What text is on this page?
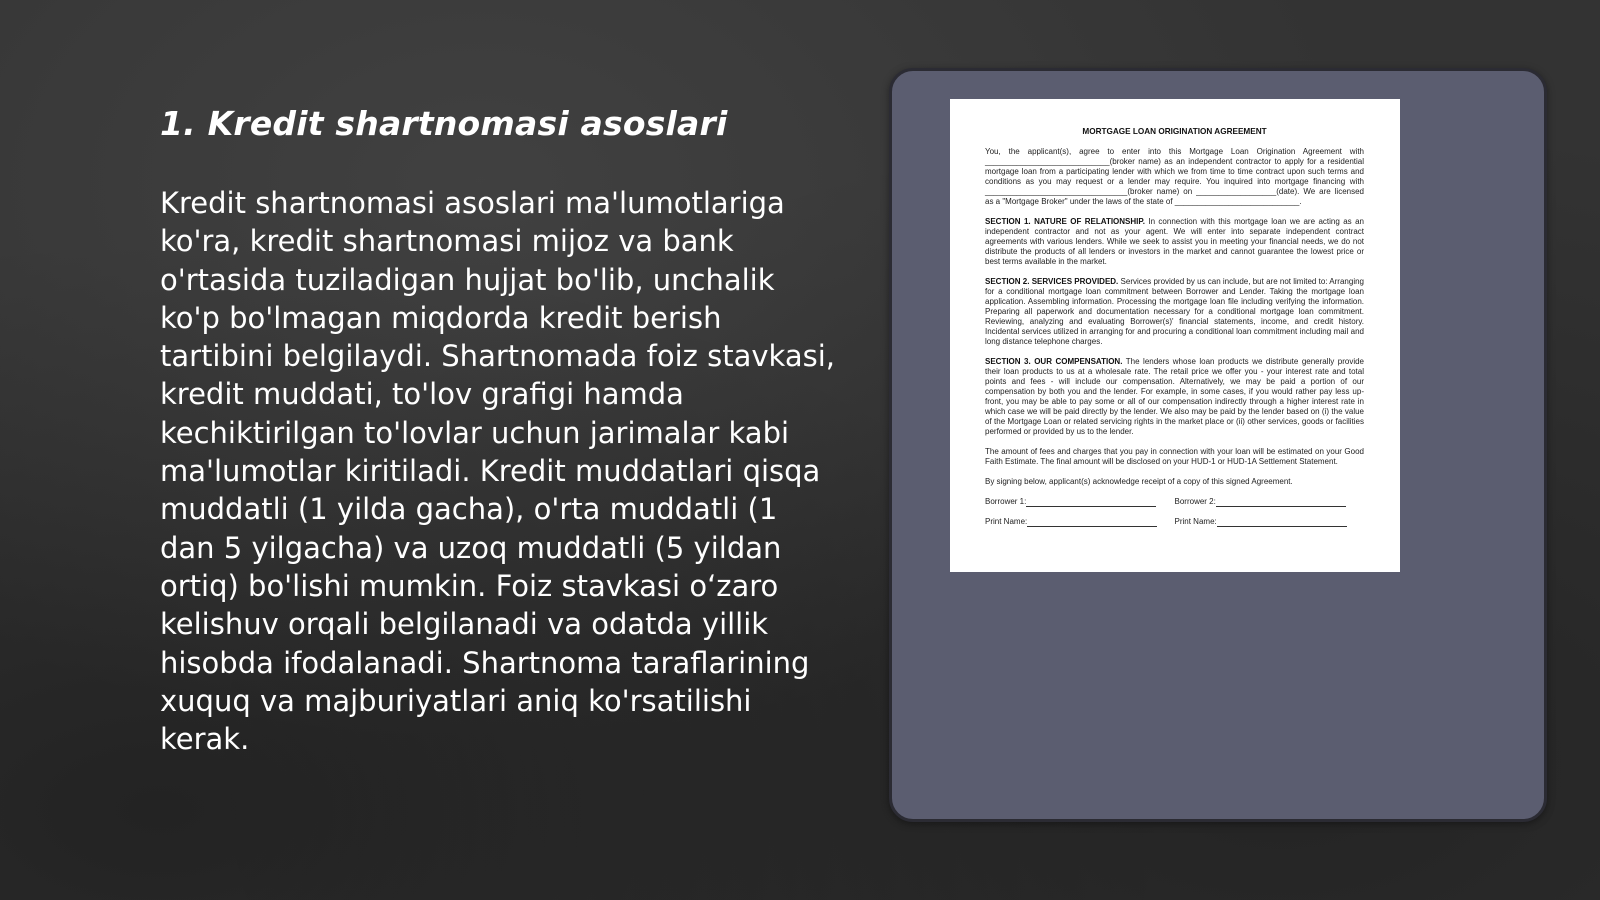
1. Kredit shartnomasi asoslari

Kredit shartnomasi asoslari ma'lumotlariga ko'ra, kredit shartnomasi mijoz va bank o'rtasida tuziladigan hujjat bo'lib, unchalik ko'p bo'lmagan miqdorda kredit berish tartibini belgilaydi. Shartnomada foiz stavkasi, kredit muddati, to'lov grafigi hamda kechiktirilgan to'lovlar uchun jarimalar kabi ma'lumotlar kiritiladi. Kredit muddatlari qisqa muddatli (1 yilda gacha), o'rta muddatli (1 dan 5 yilgacha) va uzoq muddatli (5 yildan ortiq) bo'lishi mumkin. Foiz stavkasi o‘zaro kelishuv orqali belgilanadi va odatda yillik hisobda ifodalanadi. Shartnoma taraflarining xuquq va majburiyatlari aniq ko'rsatilishi kerak.

MORTGAGE LOAN ORIGINATION AGREEMENT

You, the applicant(s), agree to enter into this Mortgage Loan Origination Agreement with ____________________________(broker name) as an independent contractor to apply for a residential mortgage loan from a participating lender with which we from time to time contract upon such terms and conditions as you may request or a lender may require. You inquired into mortgage financing with ________________________________(broker name) on __________________(date). We are licensed as a "Mortgage Broker" under the laws of the state of ____________________________.

SECTION 1. NATURE OF RELATIONSHIP. In connection with this mortgage loan we are acting as an independent contractor and not as your agent. We will enter into separate independent contract agreements with various lenders. While we seek to assist you in meeting your financial needs, we do not distribute the products of all lenders or investors in the market and cannot guarantee the lowest price or best terms available in the market.

SECTION 2. SERVICES PROVIDED. Services provided by us can include, but are not limited to: Arranging for a conditional mortgage loan commitment between Borrower and Lender. Taking the mortgage loan application. Assembling information. Processing the mortgage loan file including verifying the information. Preparing all paperwork and documentation necessary for a conditional mortgage loan commitment. Reviewing, analyzing and evaluating Borrower(s)' financial statements, income, and credit history. Incidental services utilized in arranging for and procuring a conditional loan commitment including mail and long distance telephone charges.

SECTION 3. OUR COMPENSATION. The lenders whose loan products we distribute generally provide their loan products to us at a wholesale rate. The retail price we offer you - your interest rate and total points and fees - will include our compensation. Alternatively, we may be paid a portion of our compensation by both you and the lender. For example, in some cases, if you would rather pay less up-front, you may be able to pay some or all of our compensation indirectly through a higher interest rate in which case we will be paid directly by the lender. We also may be paid by the lender based on (i) the value of the Mortgage Loan or related servicing rights in the market place or (ii) other services, goods or facilities performed or provided by us to the lender.

The amount of fees and charges that you pay in connection with your loan will be estimated on your Good Faith Estimate. The final amount will be disclosed on your HUD-1 or HUD-1A Settlement Statement.

By signing below, applicant(s) acknowledge receipt of a copy of this signed Agreement.

Borrower 1:	Borrower 2:
Print Name:	Print Name:
